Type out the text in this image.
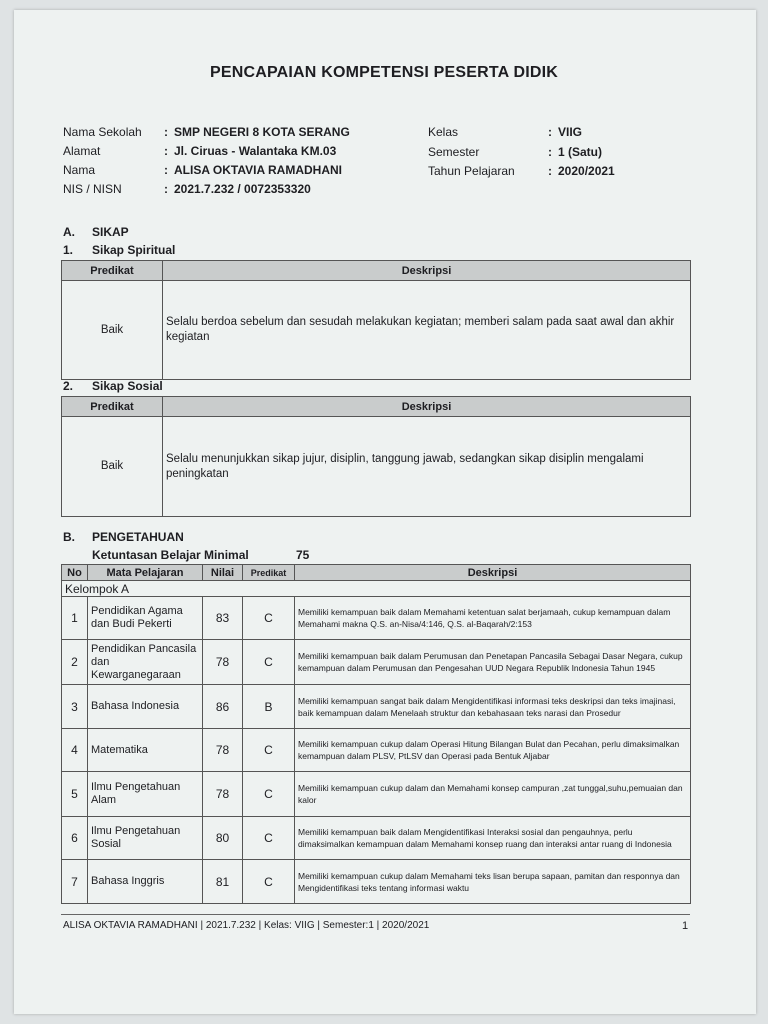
PENCAPAIAN KOMPETENSI PESERTA DIDIK
Nama Sekolah : SMP NEGERI 8 KOTA SERANG
Alamat	: Jl. Ciruas - Walantaka KM.03
Nama	: ALISA OKTAVIA RAMADHANI
NIS / NISN	: 2021.7.232 / 0072353320
Kelas	: VIIG
Semester	: 1 (Satu)
Tahun Pelajaran	: 2020/2021
A. SIKAP
1. Sikap Spiritual
Predikat	Deskripsi
Baik	Selalu berdoa sebelum dan sesudah melakukan kegiatan; memberi salam pada saat awal dan akhir kegiatan
2. Sikap Sosial
Predikat	Deskripsi
Baik	Selalu menunjukkan sikap jujur, disiplin, tanggung jawab, sedangkan sikap disiplin mengalami peningkatan
B. PENGETAHUAN
Ketuntasan Belajar Minimal	75
No	Mata Pelajaran	Nilai	Predikat	Deskripsi
Kelompok A				
1	Pendidikan Agama dan Budi Pekerti	83	C	Memiliki kemampuan baik dalam Memahami ketentuan salat berjamaah, cukup kemampuan dalam Memahami makna Q.S. an-Nisa/4:146, Q.S. al-Baqarah/2:153
2	Pendidikan Pancasila dan Kewarganegaraan	78	C	Memiliki kemampuan baik dalam Perumusan dan Penetapan Pancasila Sebagai Dasar Negara, cukup kemampuan dalam Perumusan dan Pengesahan UUD Negara Republik Indonesia Tahun 1945
3	Bahasa Indonesia	86	B	Memiliki kemampuan sangat baik dalam Mengidentifikasi informasi teks deskripsi dan teks imajinasi, baik kemampuan dalam Menelaah struktur dan kebahasaan teks narasi dan Prosedur
4	Matematika	78	C	Memiliki kemampuan cukup dalam Operasi Hitung Bilangan Bulat dan Pecahan, perlu dimaksimalkan kemampuan dalam PLSV, PtLSV dan Operasi pada Bentuk Aljabar
5	Ilmu Pengetahuan Alam	78	C	Memiliki kemampuan cukup dalam dan Memahami konsep campuran ,zat tunggal,suhu,pemuaian dan kalor
6	Ilmu Pengetahuan Sosial	80	C	Memiliki kemampuan baik dalam Mengidentifikasi Interaksi sosial dan pengauhnya, perlu dimaksimalkan kemampuan dalam Memahami konsep ruang dan interaksi antar ruang di Indonesia
7	Bahasa Inggris	81	C	Memiliki kemampuan cukup dalam Memahami teks lisan berupa sapaan, pamitan dan responnya dan Mengidentifikasi teks tentang informasi waktu
ALISA OKTAVIA RAMADHANI | 2021.7.232 | Kelas: VIIG | Semester:1 | 2020/2021	1
